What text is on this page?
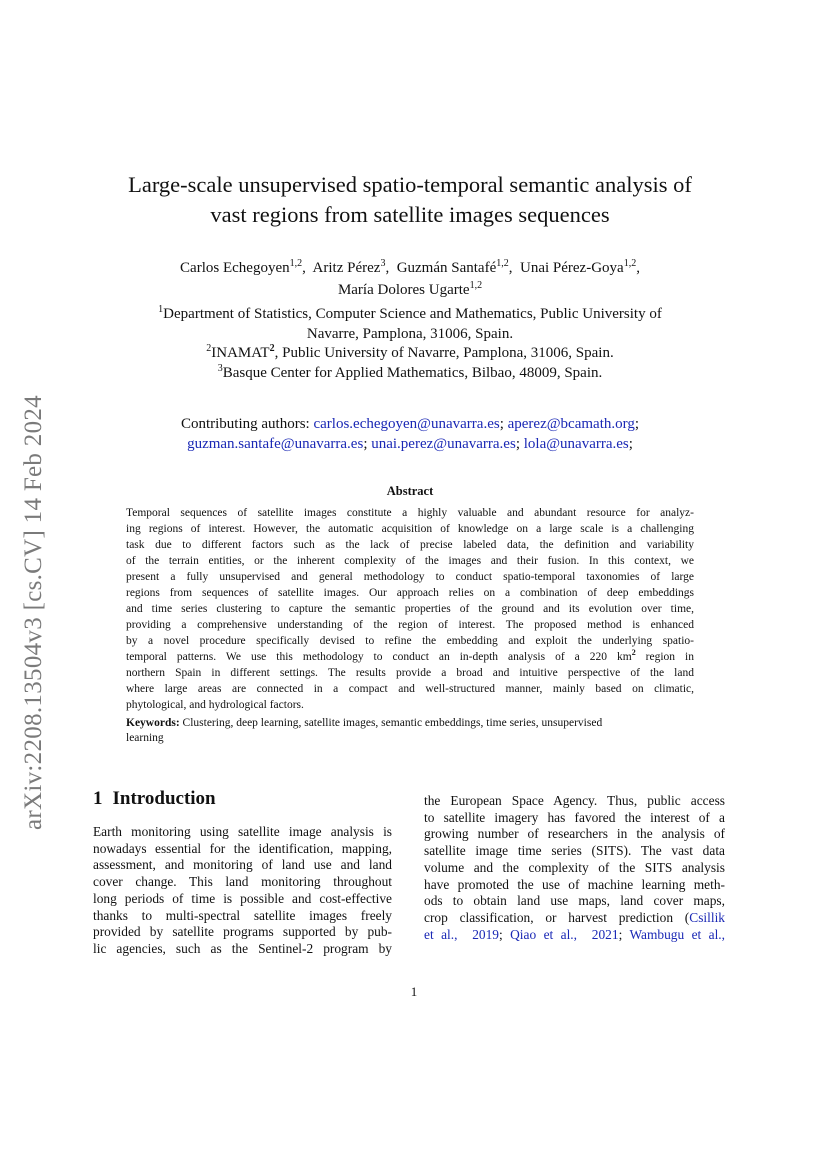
arXiv:2208.13504v3 [cs.CV] 14 Feb 2024
Large-scale unsupervised spatio-temporal semantic analysis of
vast regions from satellite images sequences
Carlos Echegoyen$^{1,2}$,  Aritz Pérez$^3$,  Guzmán Santafé$^{1,2}$,  Unai Pérez-Goya$^{1,2}$,
María Dolores Ugarte$^{1,2}$
$^1$Department of Statistics, Computer Science and Mathematics, Public University of
Navarre, Pamplona, 31006, Spain.
$^2$INAMAT$^2$, Public University of Navarre, Pamplona, 31006, Spain.
$^3$Basque Center for Applied Mathematics, Bilbao, 48009, Spain.
Contributing authors: carlos.echegoyen@unavarra.es; aperez@bcamath.org;
guzman.santafe@unavarra.es; unai.perez@unavarra.es; lola@unavarra.es;
Abstract
Temporal sequences of satellite images constitute a highly valuable and abundant resource for analyz-
ing regions of interest. However, the automatic acquisition of knowledge on a large scale is a challenging
task due to different factors such as the lack of precise labeled data, the definition and variability
of the terrain entities, or the inherent complexity of the images and their fusion. In this context, we
present a fully unsupervised and general methodology to conduct spatio-temporal taxonomies of large
regions from sequences of satellite images. Our approach relies on a combination of deep embeddings
and time series clustering to capture the semantic properties of the ground and its evolution over time,
providing a comprehensive understanding of the region of interest. The proposed method is enhanced
by a novel procedure specifically devised to refine the embedding and exploit the underlying spatio-
temporal patterns. We use this methodology to conduct an in-depth analysis of a 220 $km^2$ region in
northern Spain in different settings. The results provide a broad and intuitive perspective of the land
where large areas are connected in a compact and well-structured manner, mainly based on climatic,
phytological, and hydrological factors.
Keywords: Clustering, deep learning, satellite images, semantic embeddings, time series, unsupervised
learning
1 Introduction
Earth monitoring using satellite image analysis is
nowadays essential for the identification, mapping,
assessment, and monitoring of land use and land
cover change. This land monitoring throughout
long periods of time is possible and cost-effective
thanks to multi-spectral satellite images freely
provided by satellite programs supported by pub-
lic agencies, such as the Sentinel-2 program by
the European Space Agency. Thus, public access
to satellite imagery has favored the interest of a
growing number of researchers in the analysis of
satellite image time series (SITS). The vast data
volume and the complexity of the SITS analysis
have promoted the use of machine learning meth-
ods to obtain land use maps, land cover maps,
crop classification, or harvest prediction (Csillik
et al.,  2019; Qiao et al.,  2021; Wambugu et al.,
1
